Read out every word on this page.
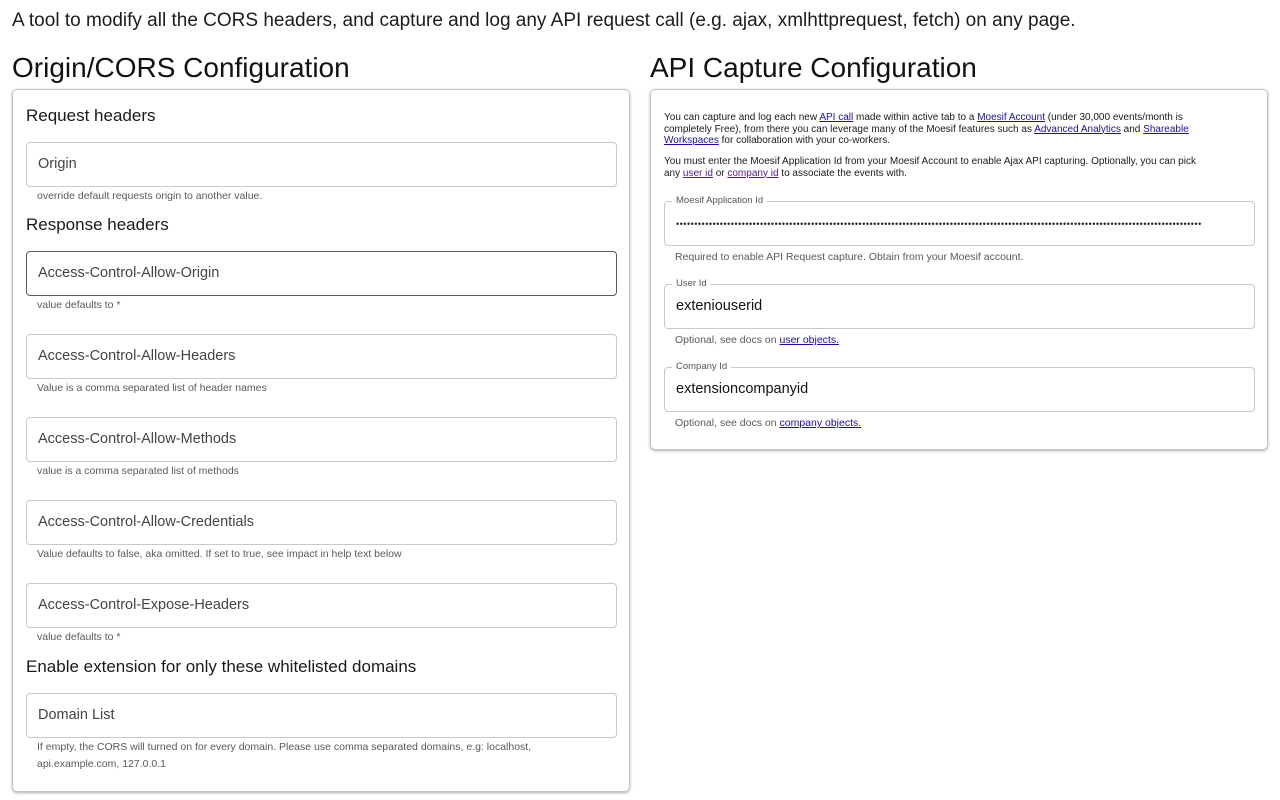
A tool to modify all the CORS headers, and capture and log any API request call (e.g. ajax, xmlhttprequest, fetch) on any page.
Origin/CORS Configuration	API Capture Configuration
Request headers
Origin
override default requests origin to another value.
Response headers
Access-Control-Allow-Origin
value defaults to *
Access-Control-Allow-Headers
Value is a comma separated list of header names
Access-Control-Allow-Methods
value is a comma separated list of methods
Access-Control-Allow-Credentials
Value defaults to false, aka omitted. If set to true, see impact in help text below
Access-Control-Expose-Headers
value defaults to *
Enable extension for only these whitelisted domains
Domain List
If empty, the CORS will turned on for every domain. Please use comma separated domains, e.g: localhost, api.example.com, 127.0.0.1

You can capture and log each new API call made within active tab to a Moesif Account (under 30,000 events/month is completely Free), from there you can leverage many of the Moesif features such as Advanced Analytics and Shareable Workspaces for collaboration with your co-workers.

You must enter the Moesif Application Id from your Moesif Account to enable Ajax API capturing. Optionally, you can pick any user id or company id to associate the events with.

Moesif Application Id
••••••••••••••••••••••••••••••••••••••••••••••••••••••••••••••••••••••••••••••••••••••••••••••••••••••••••••••••••••••••••••••••••••••••••••••••
Required to enable API Request capture. Obtain from your Moesif account.
User Id
exteniouserid
Optional, see docs on user objects.
Company Id
extensioncompanyid
Optional, see docs on company objects.
